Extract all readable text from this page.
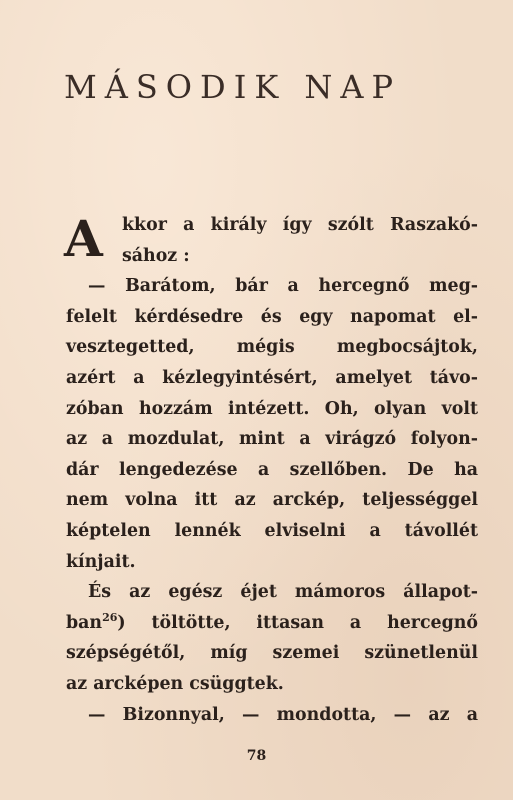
MÁSODIK NAP
A	kkor a király így szólt Raszakó-
sához :
— Barátom, bár a hercegnő meg-
felelt kérdésedre és egy napomat el-
vesztegetted, mégis megbocsájtok,
azért a kézlegyintésért, amelyet távo-
zóban hozzám intézett. Oh, olyan volt
az a mozdulat, mint a virágzó folyon-
dár lengedezése a szellőben. De ha
nem volna itt az arckép, teljességgel
képtelen lennék elviselni a távollét
kínjait.
És az egész éjet mámoros állapot-
ban$^{26}$) töltötte, ittasan a hercegnő
szépségétől, míg szemei szünetlenül
az arcképen csüggtek.
— Bizonnyal, — mondotta, — az a
78
